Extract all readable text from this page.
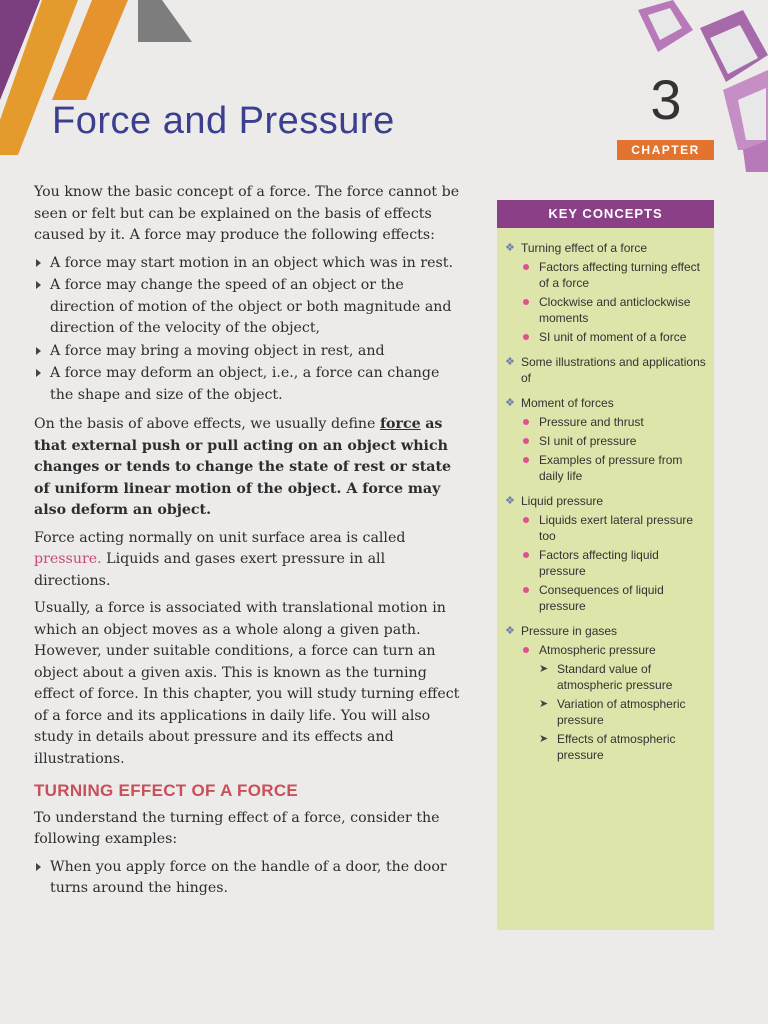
Force and Pressure	3
CHAPTER

You know the basic concept of a force. The force cannot be seen or felt but can be explained on the basis of effects caused by it. A force may produce the following effects:

A force may start motion in an object which was in rest.
A force may change the speed of an object or the direction of motion of the object or both magnitude and direction of the velocity of the object,
A force may bring a moving object in rest, and
A force may deform an object, i.e., a force can change the shape and size of the object.

On the basis of above effects, we usually define force as that external push or pull acting on an object which changes or tends to change the state of rest or state of uniform linear motion of the object. A force may also deform an object.

Force acting normally on unit surface area is called pressure. Liquids and gases exert pressure in all directions.

Usually, a force is associated with translational motion in which an object moves as a whole along a given path. However, under suitable conditions, a force can turn an object about a given axis. This is known as the turning effect of force. In this chapter, you will study turning effect of a force and its applications in daily life. You will also study in details about pressure and its effects and illustrations.

TURNING EFFECT OF A FORCE

To understand the turning effect of a force, consider the following examples:

When you apply force on the handle of a door, the door turns around the hinges.
KEY CONCEPTS
❖ Turning effect of a force
Factors affecting turning effect of a force
Clockwise and anticlockwise moments
SI unit of moment of a force
❖ Some illustrations and applications of
❖ Moment of forces
Pressure and thrust
SI unit of pressure
Examples of pressure from daily life
❖ Liquid pressure
Liquids exert lateral pressure too
Factors affecting liquid pressure
Consequences of liquid pressure
❖ Pressure in gases
Atmospheric pressure
➤ Standard value of atmospheric pressure
➤ Variation of atmospheric pressure
➤ Effects of atmospheric pressure
